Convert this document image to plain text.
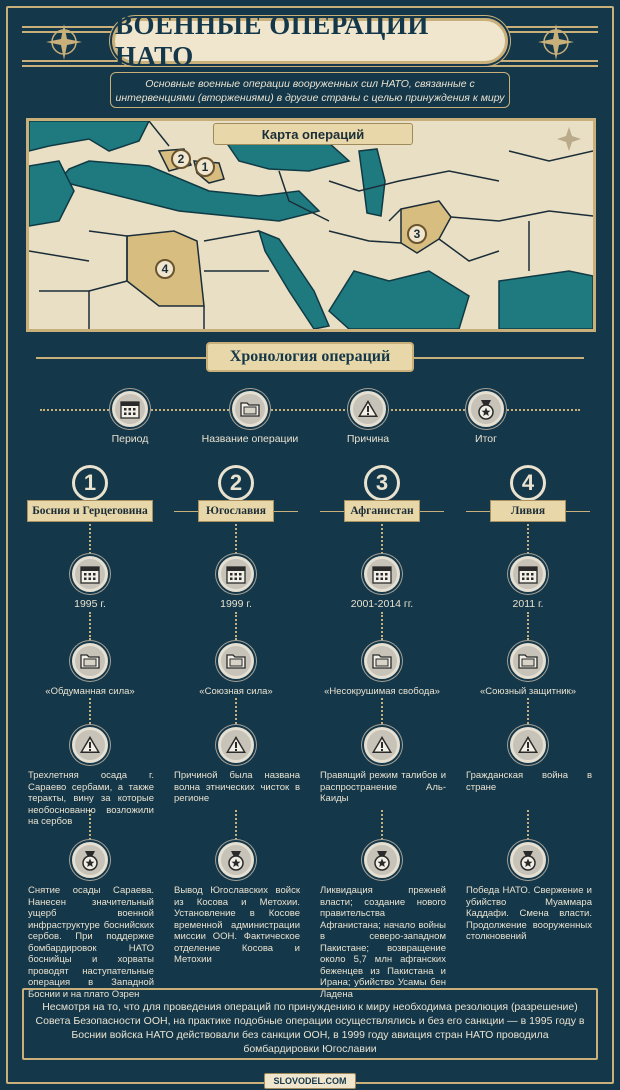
ВОЕННЫЕ ОПЕРАЦИИ НАТО
Основные военные операции вооруженных сил НАТО, связанные с интервенциями (вторжениями) в другие страны с целью принуждения к миру
Карта операций
2
1
3
4
Хронология операций
Период	Название операции	Причина	Итог
1
Босния и Герцеговина
1995 г.
«Обдуманная сила»
Трехлетняя осада г. Сараево сербами, а также теракты, вину за которые необоснованно возложили на сербов
Снятие осады Сараева. Нанесен значительный ущерб военной инфраструктуре боснийских сербов. При поддержке бомбардировок НАТО боснийцы и хорваты проводят наступательные операция в Западной Боснии и на плато Озрен
2
Югославия
1999 г.
«Союзная сила»
Причиной была названа волна этнических чисток в регионе
Вывод Югославских войск из Косова и Метохии. Установление в Косове временной администрации миссии ООН. Фактическое отделение Косова и Метохии
3
Афганистан
2001-2014 гг.
«Несокрушимая свобода»
Правящий режим талибов и распространение Аль-Каиды
Ликвидация прежней власти; создание нового правительства Афганистана; начало войны в северо-западном Пакистане; возвращение около 5,7 млн афганских беженцев из Пакистана и Ирана; убийство Усамы бен Ладена
4
Ливия
2011 г.
«Союзный защитник»
Гражданская война в стране
Победа НАТО. Свержение и убийство Муаммара Каддафи. Смена власти. Продолжение вооруженных столкновений
Несмотря на то, что для проведения операций по принуждению к миру необходима резолюция (разрешение) Совета Безопасности ООН, на практике подобные операции осуществлялись и без его санкции — в 1995 году в Боснии войска НАТО действовали без санкции ООН, в 1999 году авиация стран НАТО проводила бомбардировки Югославии
SLOVODEL.COM
